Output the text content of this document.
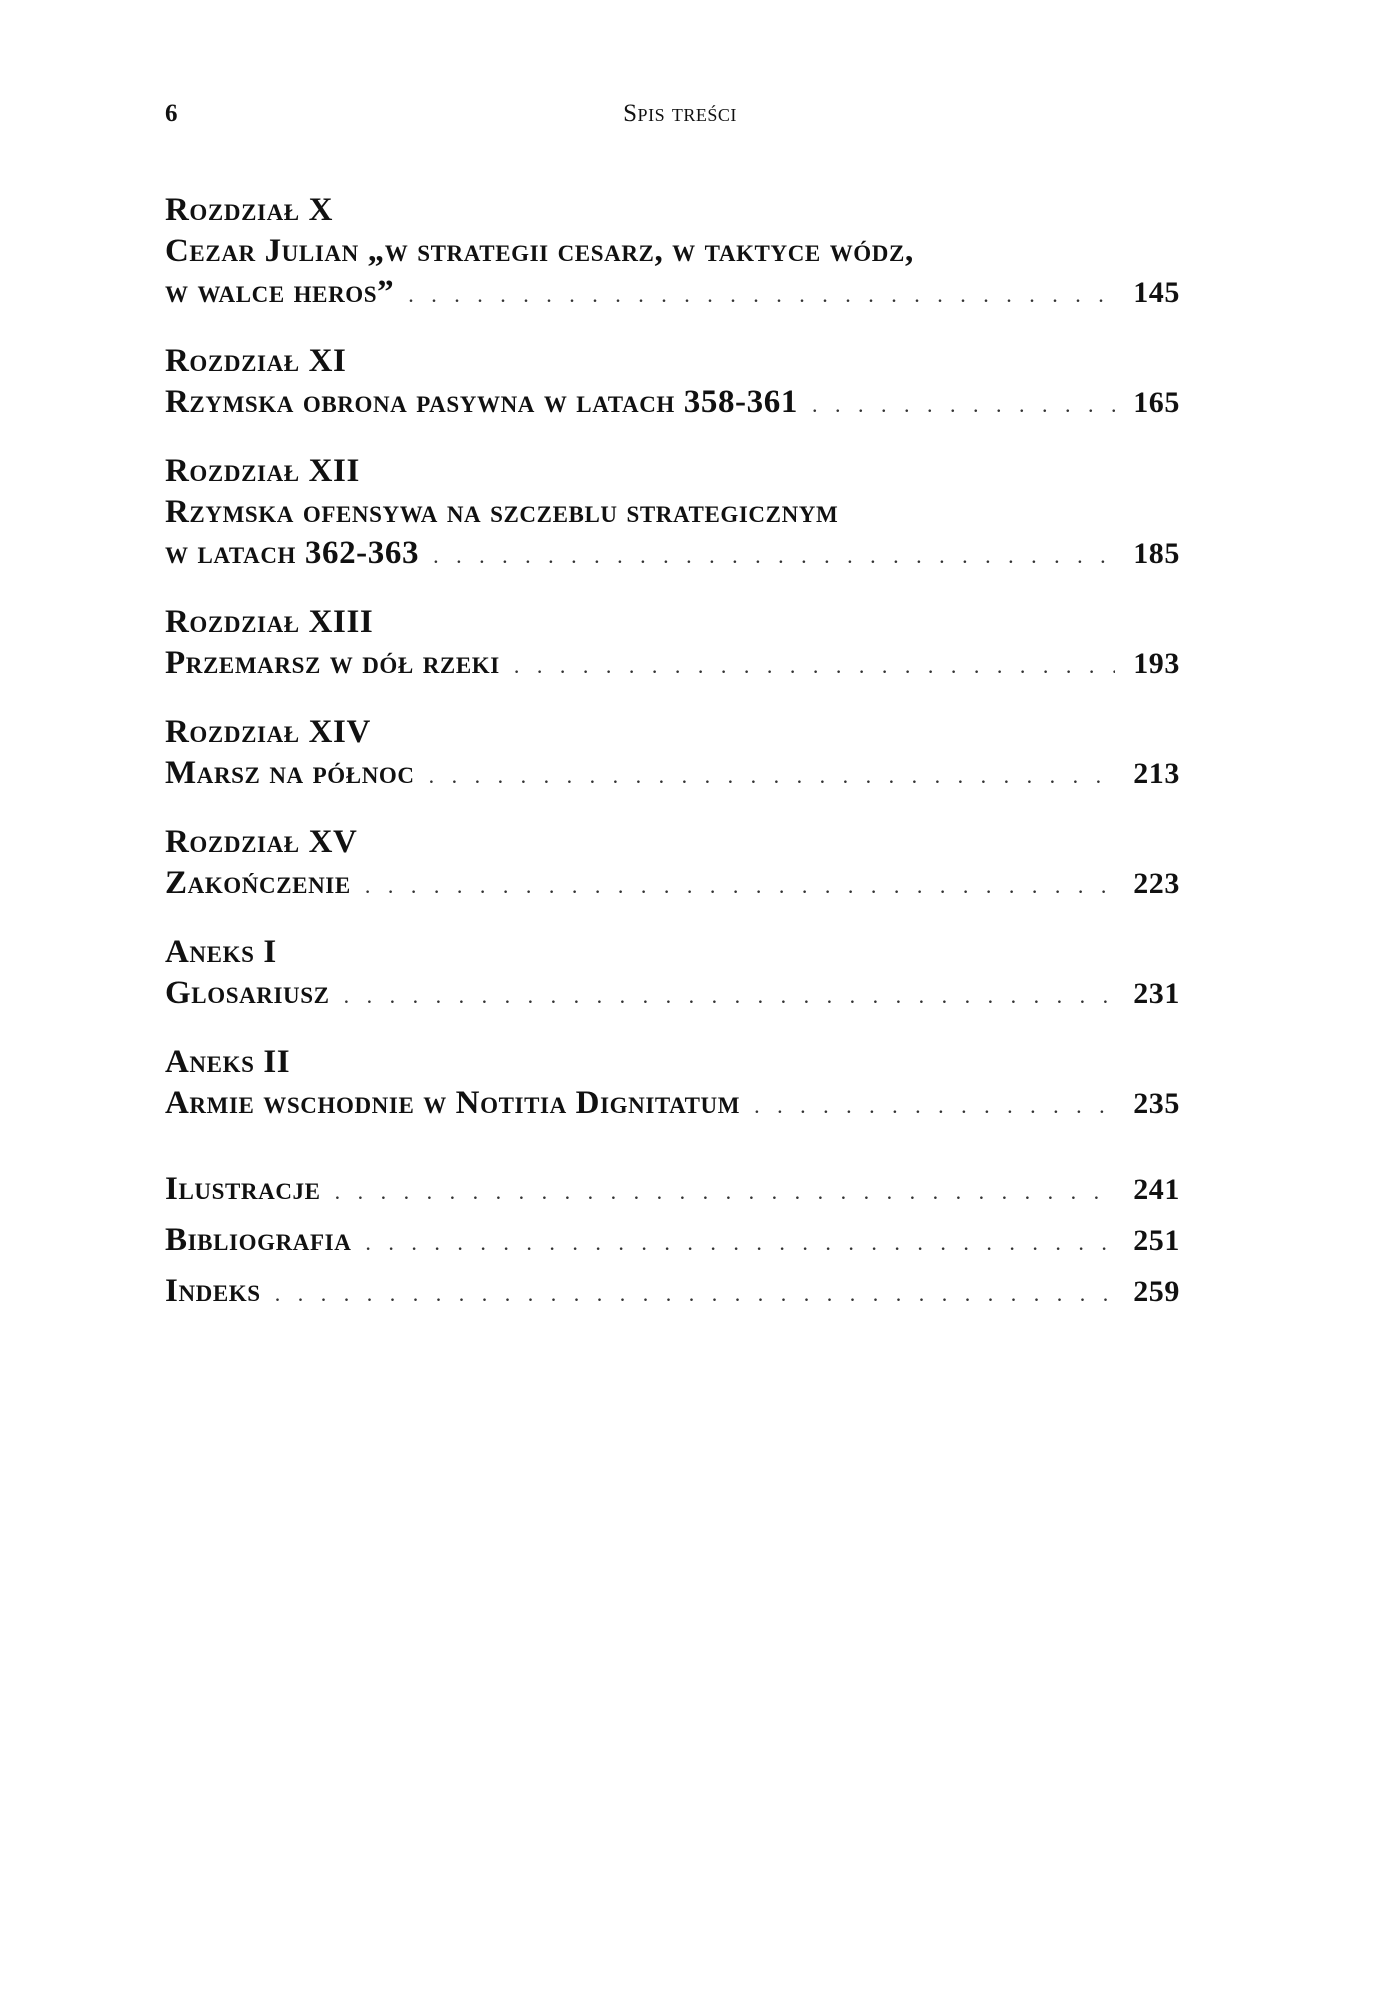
6	Spis treści
Rozdział X
Cezar Julian „w strategii cesarz, w taktyce wódz,
w walce heros” . . .	145
Rozdział XI
Rzymska obrona pasywna w latach 358-361 . . .	165
Rozdział XII
Rzymska ofensywa na szczeblu strategicznym
w latach 362-363 . . .	185
Rozdział XIII
Przemarsz w dół rzeki . . .	193
Rozdział XIV
Marsz na północ . . .	213
Rozdział XV
Zakończenie . . .	223
Aneks I
Glosariusz . . .	231
Aneks II
Armie wschodnie w Notitia Dignitatum . . .	235
Ilustracje . . .	241
Bibliografia . . .	251
Indeks . . .	259
